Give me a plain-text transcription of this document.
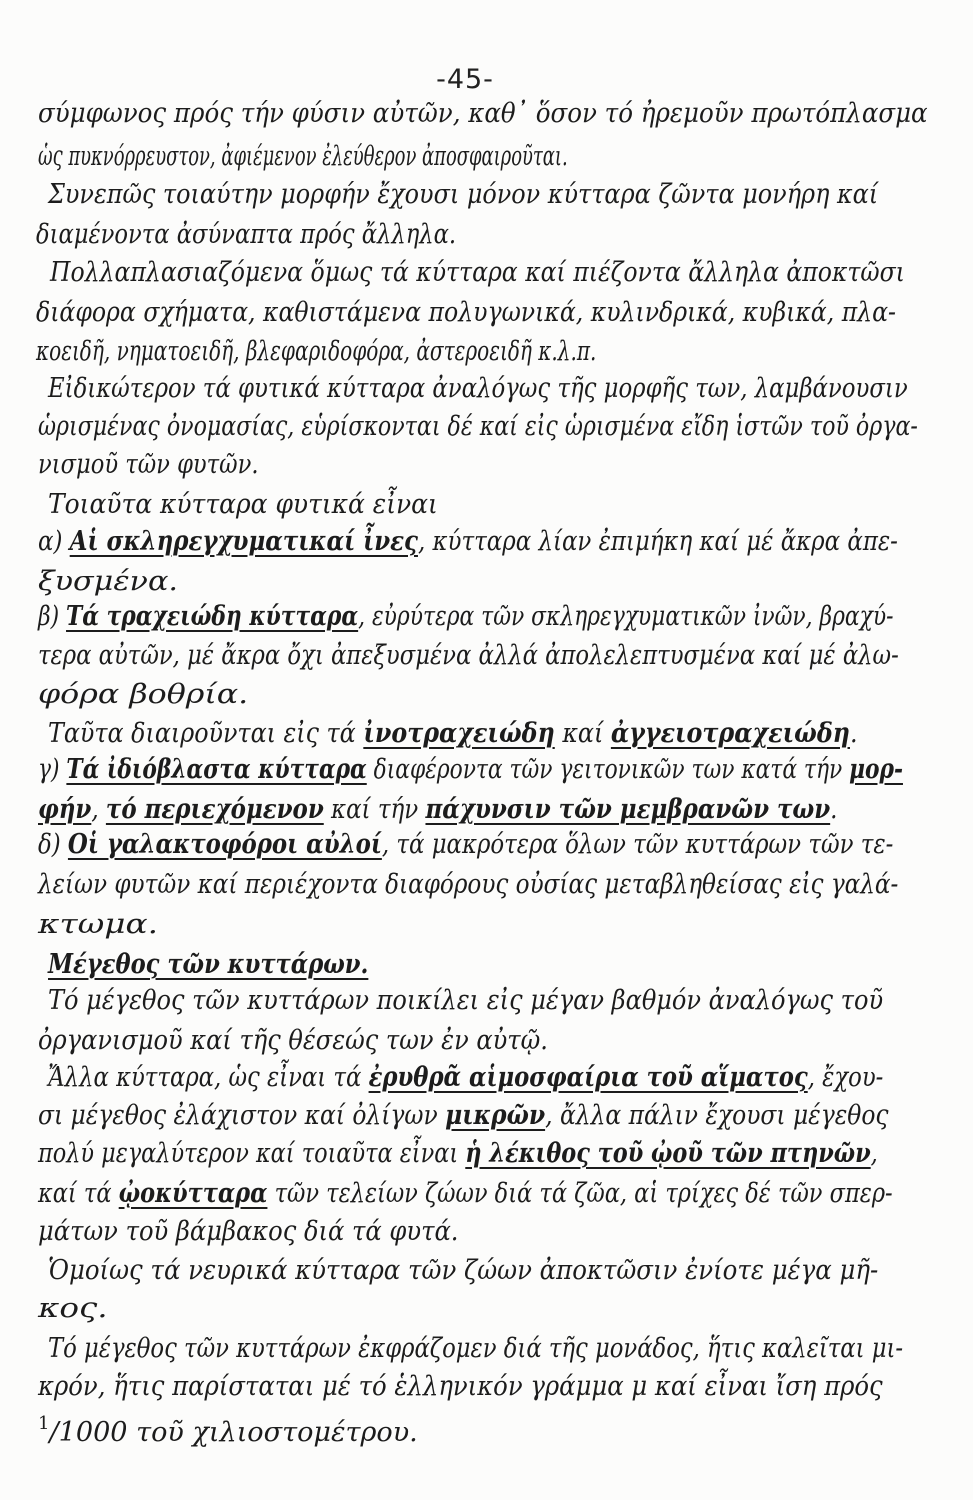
-45-
σύμφωνος πρός τήν φύσιν αὐτῶν, καθ᾽ ὅσον τό ἠρεμοῦν πρωτόπλασμα
ὡς πυκνόρρευστον, ἀφιέμενον ἐλεύθερον ἀποσφαιροῦται.
Συνεπῶς τοιαύτην μορφήν ἔχουσι μόνον κύτταρα ζῶντα μονήρη καί
διαμένοντα ἀσύναπτα πρός ἄλληλα.
Πολλαπλασιαζόμενα ὅμως τά κύτταρα καί πιέζοντα ἄλληλα ἀποκτῶσι
διάφορα σχήματα, καθιστάμενα πολυγωνικά, κυλινδρικά, κυβικά, πλα-
κοειδῆ, νηματοειδῆ, βλεφαριδοφόρα, ἀστεροειδῆ κ.λ.π.
Εἰδικώτερον τά φυτικά κύτταρα ἀναλόγως τῆς μορφῆς των, λαμβάνουσιν
ὡρισμένας ὀνομασίας, εὑρίσκονται δέ καί εἰς ὡρισμένα εἴδη ἱστῶν τοῦ ὀργα-
νισμοῦ τῶν φυτῶν.
Τοιαῦτα κύτταρα φυτικά εἶναι
α) Αἱ σκληρεγχυματικαί ἶνες, κύτταρα λίαν ἐπιμήκη καί μέ ἄκρα ἀπε-
ξυσμένα.
β) Τά τραχειώδη κύτταρα, εὐρύτερα τῶν σκληρεγχυματικῶν ἰνῶν, βραχύ-
τερα αὐτῶν, μέ ἄκρα ὄχι ἀπεξυσμένα ἀλλά ἀπολελεπτυσμένα καί μέ ἀλω-
φόρα βοθρία.
Ταῦτα διαιροῦνται εἰς τά ἰνοτραχειώδη καί ἀγγειοτραχειώδη.
γ) Τά ἰδιόβλαστα κύτταρα διαφέροντα τῶν γειτονικῶν των κατά τήν μορ-
φήν, τό περιεχόμενον καί τήν πάχυνσιν τῶν μεμβρανῶν των.
δ) Οἱ γαλακτοφόροι αὐλοί, τά μακρότερα ὅλων τῶν κυττάρων τῶν τε-
λείων φυτῶν καί περιέχοντα διαφόρους οὐσίας μεταβληθείσας εἰς γαλά-
κτωμα.
Μέγεθος τῶν κυττάρων.
Τό μέγεθος τῶν κυττάρων ποικίλει εἰς μέγαν βαθμόν ἀναλόγως τοῦ
ὀργανισμοῦ καί τῆς θέσεώς των ἐν αὐτῷ.
Ἄλλα κύτταρα, ὡς εἶναι τά ἐρυθρᾶ αἱμοσφαίρια τοῦ αἵματος, ἔχου-
σι μέγεθος ἐλάχιστον καί ὀλίγων μικρῶν, ἄλλα πάλιν ἔχουσι μέγεθος
πολύ μεγαλύτερον καί τοιαῦτα εἶναι ἡ λέκιθος τοῦ ᾠοῦ τῶν πτηνῶν,
καί τά ᾠοκύτταρα τῶν τελείων ζώων διά τά ζῶα, αἱ τρίχες δέ τῶν σπερ-
μάτων τοῦ βάμβακος διά τά φυτά.
Ὁμοίως τά νευρικά κύτταρα τῶν ζώων ἀποκτῶσιν ἐνίοτε μέγα μῆ-
κος.
Τό μέγεθος τῶν κυττάρων ἐκφράζομεν διά τῆς μονάδος, ἥτις καλεῖται μι-
κρόν, ἥτις παρίσταται μέ τό ἑλληνικόν γράμμα μ καί εἶναι ἴση πρός
$^1$/1000 τοῦ χιλιοστομέτρου.
